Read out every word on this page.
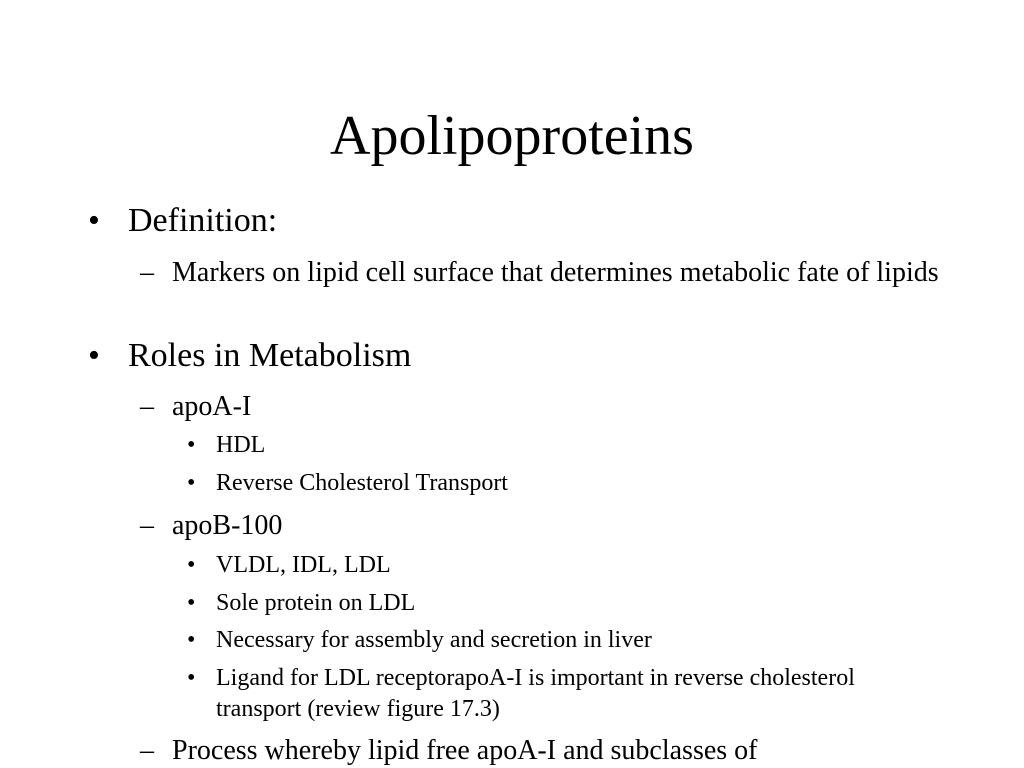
Apolipoproteins
• Definition:
– Markers on lipid cell surface that determines metabolic fate of lipids
• Roles in Metabolism
– apoA-I
• HDL
• Reverse Cholesterol Transport
– apoB-100
• VLDL, IDL, LDL
• Sole protein on LDL
• Necessary for assembly and secretion in liver
• Ligand for LDL receptorapoA-I is important in reverse cholesterol transport (review figure 17.3)
– Process whereby lipid free apoA-I and subclasses of
